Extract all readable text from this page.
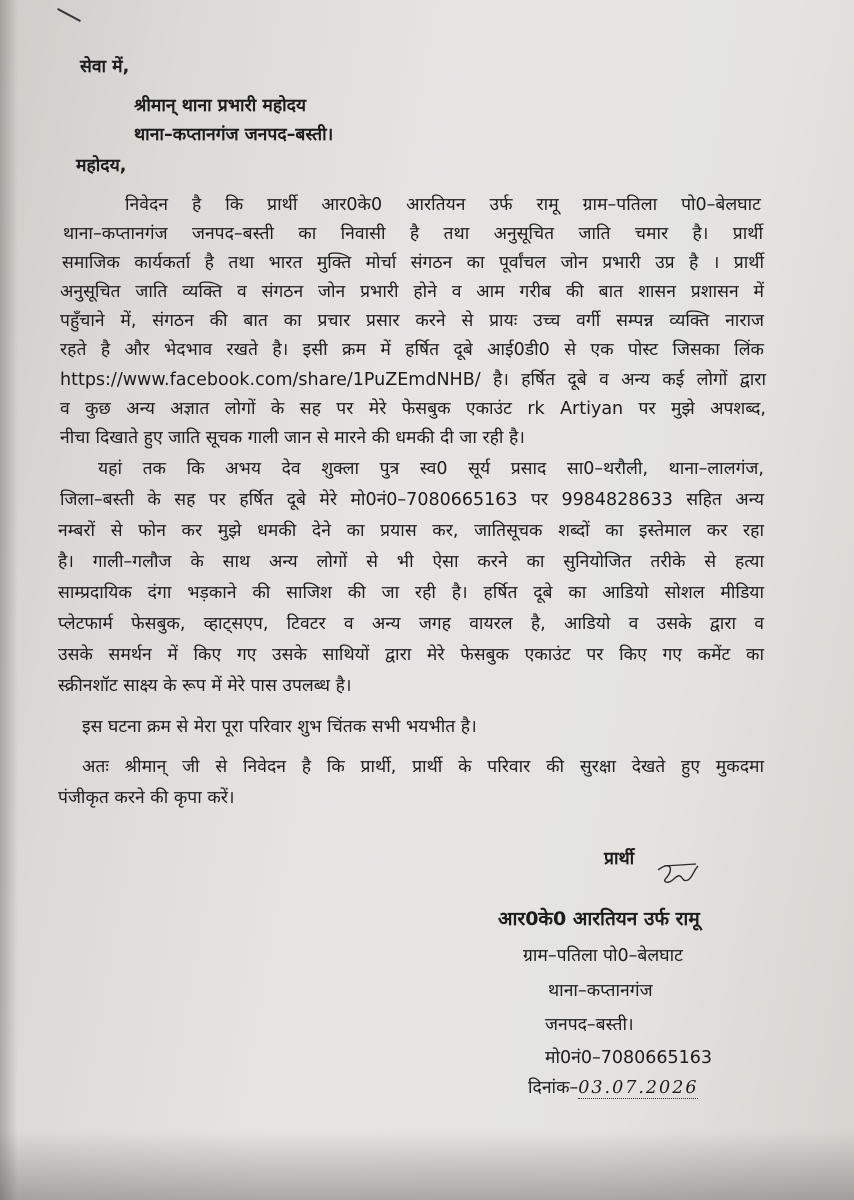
सेवा में,

श्रीमान् थाना प्रभारी महोदय

थाना–कप्तानगंज जनपद–बस्ती।

महोदय,

निवेदन है कि प्रार्थी आर0के0 आरतियन उर्फ रामू ग्राम–पतिला पो0–बेलघाट

थाना–कप्तानगंज जनपद–बस्ती का निवासी है तथा अनुसूचित जाति चमार है। प्रार्थी

समाजिक कार्यकर्ता है तथा भारत मुक्ति मोर्चा संगठन का पूर्वांचल जोन प्रभारी उप्र है । प्रार्थी

अनुसूचित जाति व्यक्ति व संगठन जोन प्रभारी होने व आम गरीब की बात शासन प्रशासन में

पहुँचाने में, संगठन की बात का प्रचार प्रसार करने से प्रायः उच्च वर्गी सम्पन्न व्यक्ति नाराज

रहते है और भेदभाव रखते है। इसी क्रम में हर्षित दूबे आई0डी0 से एक पोस्ट जिसका लिंक

https://www.facebook.com/share/1PuZEmdNHB/ है। हर्षित दूबे व अन्य कई लोगों द्वारा

व कुछ अन्य अज्ञात लोगों के सह पर मेरे फेसबुक एकाउंट rk Artiyan पर मुझे अपशब्द,

नीचा दिखाते हुए जाति सूचक गाली जान से मारने की धमकी दी जा रही है।

यहां तक कि अभय देव शुक्ला पुत्र स्व0 सूर्य प्रसाद सा0–थरौली, थाना–लालगंज,

जिला–बस्ती के सह पर हर्षित दूबे मेरे मो0नं0–7080665163 पर 9984828633 सहित अन्य

नम्बरों से फोन कर मुझे धमकी देने का प्रयास कर, जातिसूचक शब्दों का इस्तेमाल कर रहा

है। गाली–गलौज के साथ अन्य लोगों से भी ऐसा करने का सुनियोजित तरीके से हत्या

साम्प्रदायिक दंगा भड़काने की साजिश की जा रही है। हर्षित दूबे का आडियो सोशल मीडिया

प्लेटफार्म फेसबुक, व्हाट्सएप, टिवटर व अन्य जगह वायरल है, आडियो व उसके द्वारा व

उसके समर्थन में किए गए उसके साथियों द्वारा मेरे फेसबुक एकाउंट पर किए गए कमेंट का

स्क्रीनशॉट साक्ष्य के रूप में मेरे पास उपलब्ध है।

इस घटना क्रम से मेरा पूरा परिवार शुभ चिंतक सभी भयभीत है।

अतः श्रीमान् जी से निवेदन है कि प्रार्थी, प्रार्थी के परिवार की सुरक्षा देखते हुए मुकदमा

पंजीकृत करने की कृपा करें।

प्रार्थी

आर0के0 आरतियन उर्फ रामू

ग्राम–पतिला पो0–बेलघाट

थाना–कप्तानगंज

जनपद–बस्ती।

मो0नं0–7080665163

दिनांक–03.07.2026
